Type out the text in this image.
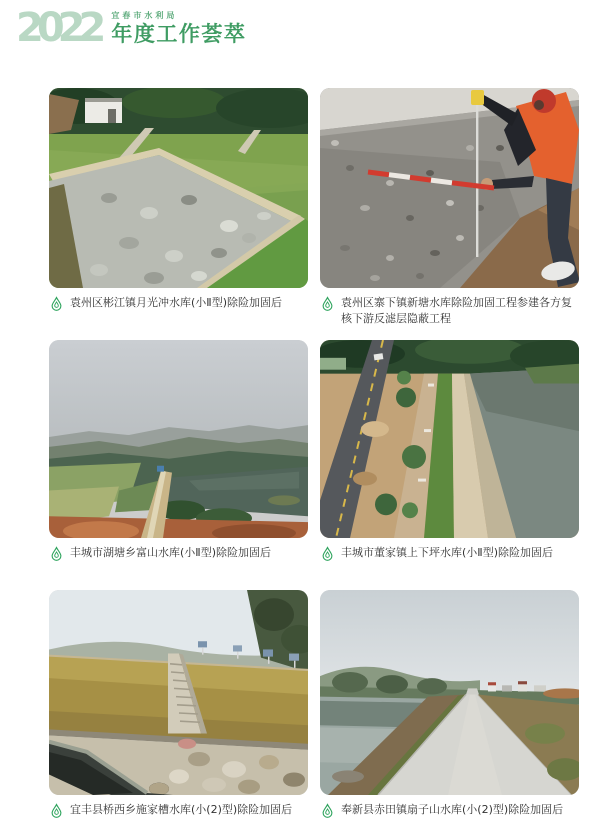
2022	宜春市水利局
年度工作荟萃
袁州区彬江镇月光冲水库(小Ⅱ型)除险加固后	袁州区寨下镇新塘水库除险加固工程参建各方复核下游反滤层隐蔽工程
丰城市湖塘乡富山水库(小Ⅱ型)除险加固后	丰城市董家镇上下坪水库(小Ⅱ型)除险加固后
宜丰县桥西乡施家槽水库(小(2)型)除险加固后	奉新县赤田镇扇子山水库(小(2)型)除险加固后
